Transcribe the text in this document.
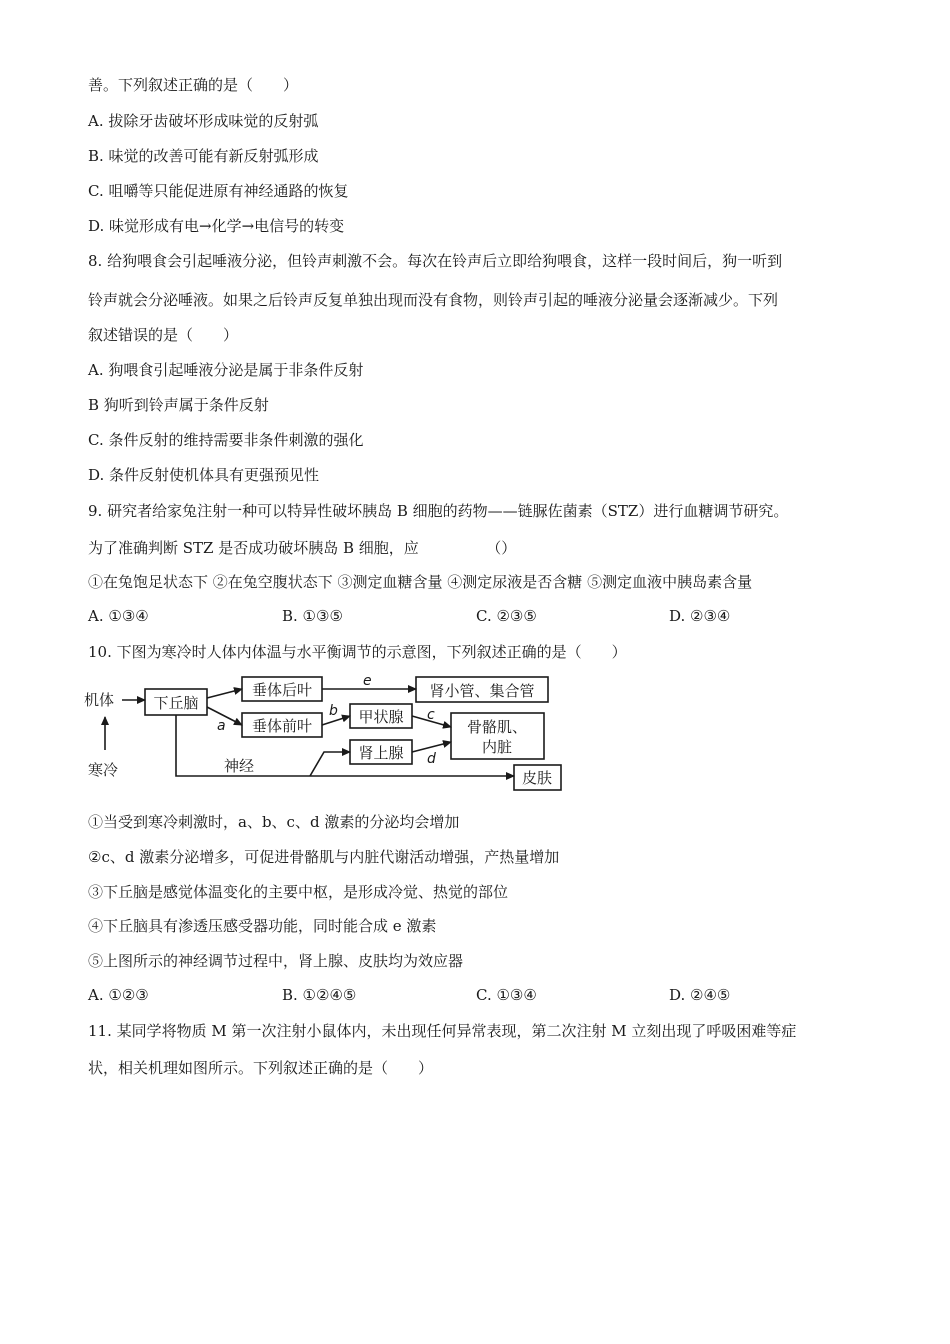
善。下列叙述正确的是（　　）
A. 拔除牙齿破坏形成味觉的反射弧
B. 味觉的改善可能有新反射弧形成
C. 咀嚼等只能促进原有神经通路的恢复
D. 味觉形成有电→化学→电信号的转变
8. 给狗喂食会引起唾液分泌，但铃声刺激不会。每次在铃声后立即给狗喂食，这样一段时间后，狗一听到
铃声就会分泌唾液。如果之后铃声反复单独出现而没有食物，则铃声引起的唾液分泌量会逐渐减少。下列
叙述错误的是（　　）
A. 狗喂食引起唾液分泌是属于非条件反射
B 狗听到铃声属于条件反射
C. 条件反射的维持需要非条件刺激的强化
D. 条件反射使机体具有更强预见性
9. 研究者给家兔注射一种可以特异性破坏胰岛 B 细胞的药物——链脲佐菌素（STZ）进行血糖调节研究。
为了准确判断 STZ 是否成功破坏胰岛 B 细胞，应　　　　　（）
①在兔饱足状态下 ②在兔空腹状态下 ③测定血糖含量 ④测定尿液是否含糖 ⑤测定血液中胰岛素含量
A. ①③④	B. ①③⑤	C. ②③⑤	D. ②③④
10. 下图为寒冷时人体内体温与水平衡调节的示意图，下列叙述正确的是（　　）
机体
寒冷
下丘脑
垂体后叶
垂体前叶
肾小管、集合管
甲状腺
肾上腺
骨骼肌、
内脏
皮肤
神经
a
b	c
d
e
①当受到寒冷刺激时，a、b、c、d 激素的分泌均会增加
②c、d 激素分泌增多，可促进骨骼肌与内脏代谢活动增强，产热量增加
③下丘脑是感觉体温变化的主要中枢，是形成冷觉、热觉的部位
④下丘脑具有渗透压感受器功能，同时能合成 e 激素
⑤上图所示的神经调节过程中，肾上腺、皮肤均为效应器
A. ①②③	B. ①②④⑤	C. ①③④	D. ②④⑤
11. 某同学将物质 M 第一次注射小鼠体内，未出现任何异常表现，第二次注射 M 立刻出现了呼吸困难等症
状，相关机理如图所示。下列叙述正确的是（　　）
